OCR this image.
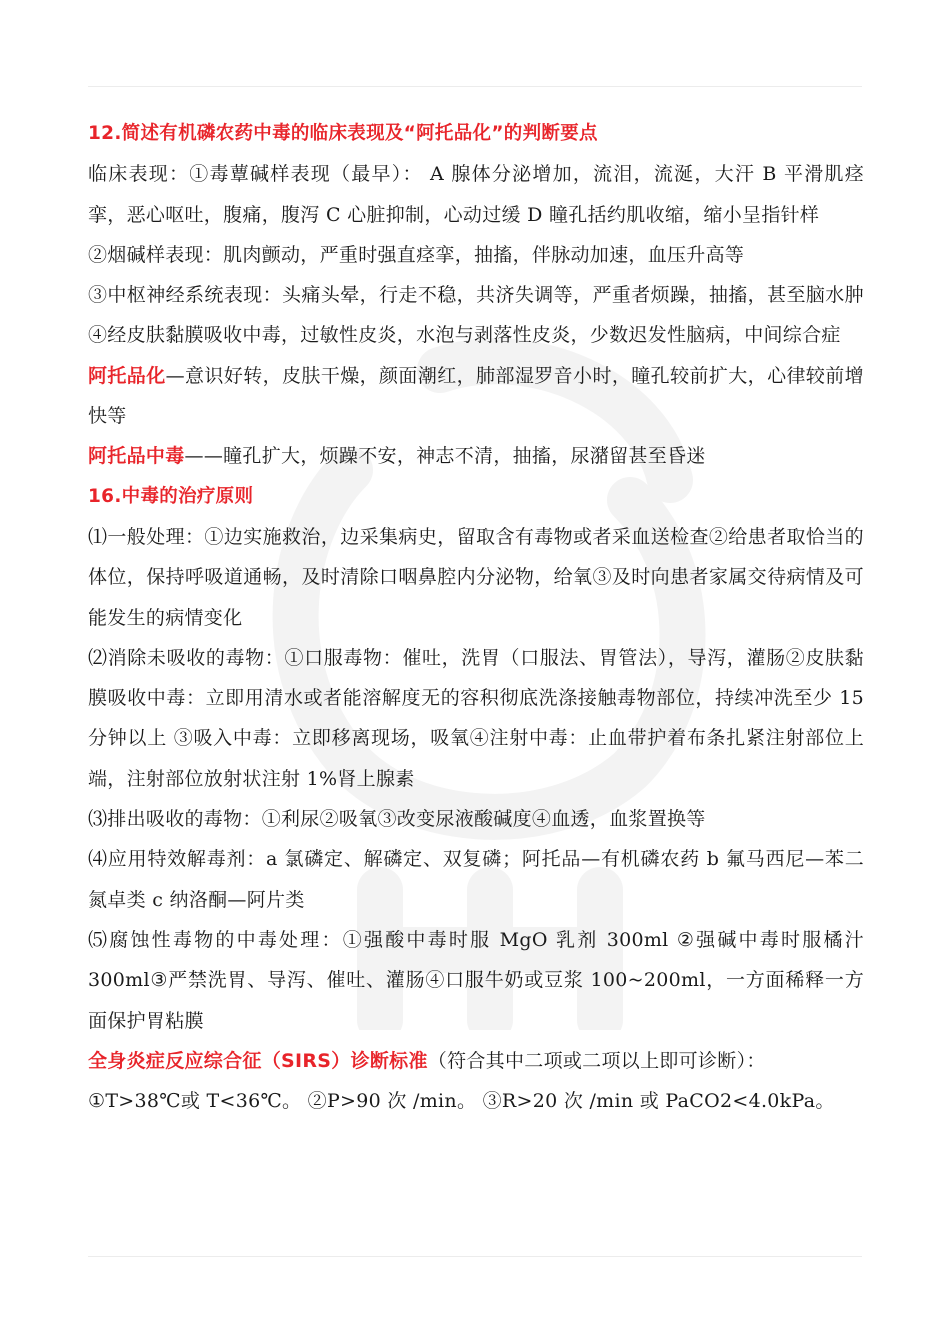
12.简述有机磷农药中毒的临床表现及“阿托品化”的判断要点

临床表现：①毒蕈碱样表现（最早）： A 腺体分泌增加，流泪，流涎，大汗 B 平滑肌痉挛，恶心呕吐，腹痛，腹泻 C 心脏抑制，心动过缓 D 瞳孔括约肌收缩，缩小呈指针样

②烟碱样表现：肌肉颤动，严重时强直痉挛，抽搐，伴脉动加速，血压升高等

③中枢神经系统表现：头痛头晕，行走不稳，共济失调等，严重者烦躁，抽搐，甚至脑水肿④经皮肤黏膜吸收中毒，过敏性皮炎，水泡与剥落性皮炎，少数迟发性脑病，中间综合症

阿托品化—意识好转，皮肤干燥，颜面潮红，肺部湿罗音小时，瞳孔较前扩大，心律较前增快等

阿托品中毒——瞳孔扩大，烦躁不安，神志不清，抽搐，尿潴留甚至昏迷

16.中毒的治疗原则

⑴一般处理：①边实施救治，边采集病史，留取含有毒物或者采血送检查②给患者取恰当的体位，保持呼吸道通畅，及时清除口咽鼻腔内分泌物，给氧③及时向患者家属交待病情及可能发生的病情变化

⑵消除未吸收的毒物：①口服毒物：催吐，洗胃（口服法、胃管法），导泻，灌肠②皮肤黏膜吸收中毒：立即用清水或者能溶解度无的容积彻底洗涤接触毒物部位，持续冲洗至少 15 分钟以上 ③吸入中毒：立即移离现场，吸氧④注射中毒：止血带护着布条扎紧注射部位上端，注射部位放射状注射 1%肾上腺素

⑶排出吸收的毒物：①利尿②吸氧③改变尿液酸碱度④血透，血浆置换等

⑷应用特效解毒剂：a 氯磷定、解磷定、双复磷；阿托品—有机磷农药 b 氟马西尼—苯二氮卓类 c 纳洛酮—阿片类

⑸腐蚀性毒物的中毒处理：①强酸中毒时服 MgO 乳剂 300ml ②强碱中毒时服橘汁 300ml③严禁洗胃、导泻、催吐、灌肠④口服牛奶或豆浆 100~200ml，一方面稀释一方面保护胃粘膜

全身炎症反应综合征（SIRS）诊断标准（符合其中二项或二项以上即可诊断）：

①T>38℃或 T<36℃。 ②P>90 次 /min。 ③R>20 次 /min 或 PaCO2<4.0kPa。
